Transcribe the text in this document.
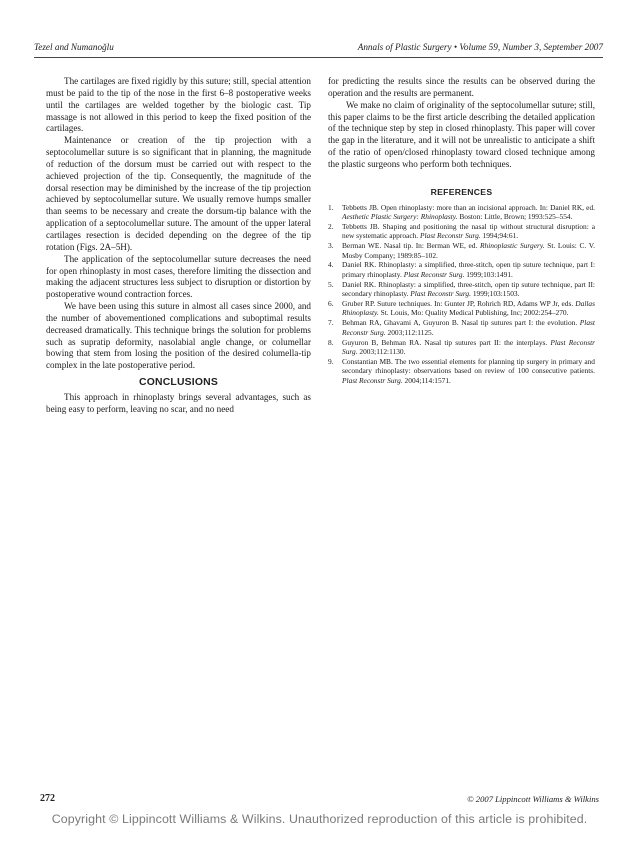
Tezel and Numanoğlu	Annals of Plastic Surgery • Volume 59, Number 3, September 2007

The cartilages are fixed rigidly by this suture; still, special attention must be paid to the tip of the nose in the first 6–8 postoperative weeks until the cartilages are welded together by the biologic cast. Tip massage is not allowed in this period to keep the fixed position of the cartilages.

Maintenance or creation of the tip projection with a septocolumellar suture is so significant that in planning, the magnitude of reduction of the dorsum must be carried out with respect to the achieved projection of the tip. Consequently, the magnitude of the dorsal resection may be diminished by the increase of the tip projection achieved by septocolumellar suture. We usually remove humps smaller than seems to be necessary and create the dorsum-tip balance with the application of a septocolumellar suture. The amount of the upper lateral cartilages resection is decided depending on the degree of the tip rotation (Figs. 2A–5H).

The application of the septocolumellar suture decreases the need for open rhinoplasty in most cases, therefore limiting the dissection and making the adjacent structures less subject to disruption or distortion by postoperative wound contraction forces.

We have been using this suture in almost all cases since 2000, and the number of abovementioned complications and suboptimal results decreased dramatically. This technique brings the solution for problems such as supratip deformity, nasolabial angle change, or columellar bowing that stem from losing the position of the desired columella-tip complex in the late postoperative period.

CONCLUSIONS

This approach in rhinoplasty brings several advantages, such as being easy to perform, leaving no scar, and no need

for predicting the results since the results can be observed during the operation and the results are permanent.

We make no claim of originality of the septocolumellar suture; still, this paper claims to be the first article describing the detailed application of the technique step by step in closed rhinoplasty. This paper will cover the gap in the literature, and it will not be unrealistic to anticipate a shift of the ratio of open/closed rhinoplasty toward closed technique among the plastic surgeons who perform both techniques.

REFERENCES
1.	Tebbetts JB. Open rhinoplasty: more than an incisional approach. In: Daniel RK, ed. Aesthetic Plastic Surgery: Rhinoplasty. Boston: Little, Brown; 1993:525–554.
2.	Tebbetts JB. Shaping and positioning the nasal tip without structural disruption: a new systematic approach. Plast Reconstr Surg. 1994;94:61.
3.	Berman WE. Nasal tip. In: Berman WE, ed. Rhinoplastic Surgery. St. Louis: C. V. Mosby Company; 1989:85–102.
4.	Daniel RK. Rhinoplasty: a simplified, three-stitch, open tip suture technique, part I: primary rhinoplasty. Plast Reconstr Surg. 1999;103:1491.
5.	Daniel RK. Rhinoplasty: a simplified, three-stitch, open tip suture technique, part II: secondary rhinoplasty. Plast Reconstr Surg. 1999;103:1503.
6.	Gruber RP. Suture techniques. In: Gunter JP, Rohrich RD, Adams WP Jr, eds. Dallas Rhinoplasty. St. Louis, Mo: Quality Medical Publishing, Inc; 2002:254–270.
7.	Behman RA, Ghavami A, Guyuron B. Nasal tip sutures part I: the evolution. Plast Reconstr Surg. 2003;112:1125.
8.	Guyuron B, Behman RA. Nasal tip sutures part II: the interplays. Plast Reconstr Surg. 2003;112:1130.
9.	Constantian MB. The two essential elements for planning tip surgery in primary and secondary rhinoplasty: observations based on review of 100 consecutive patients. Plast Reconstr Surg. 2004;114:1571.
272	© 2007 Lippincott Williams & Wilkins
Copyright © Lippincott Williams & Wilkins. Unauthorized reproduction of this article is prohibited.
